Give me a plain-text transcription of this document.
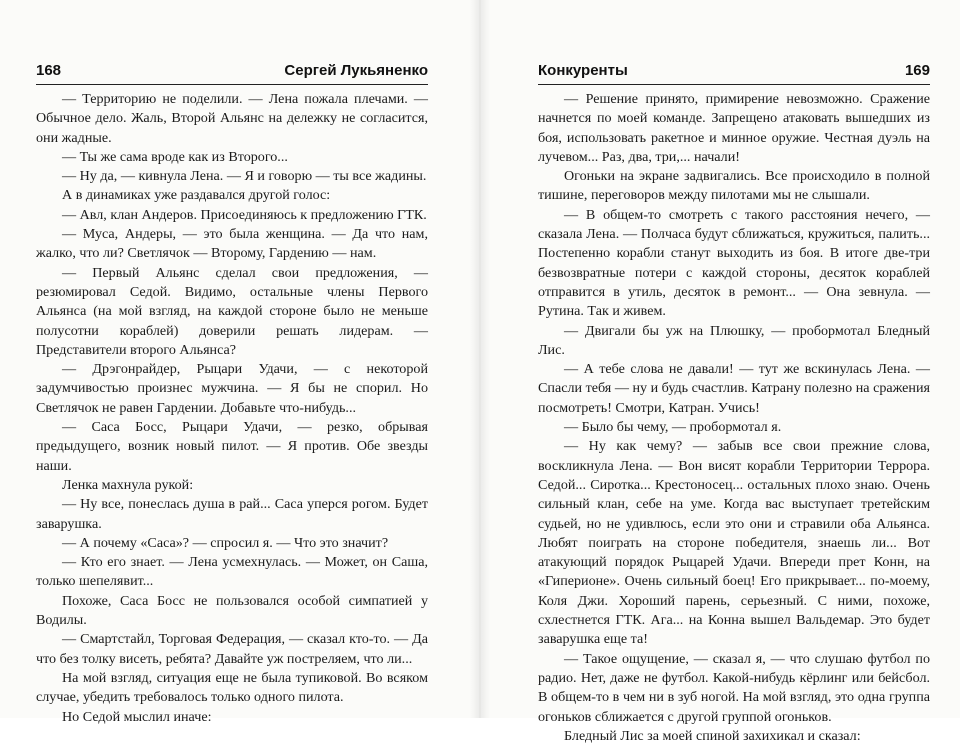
168	Сергей Лукьяненко

— Территорию не поделили. — Лена пожала плечами. — Обычное дело. Жаль, Второй Альянс на дележку не согласится, они жадные.

— Ты же сама вроде как из Второго...

— Ну да, — кивнула Лена. — Я и говорю — ты все жадины.

А в динамиках уже раздавался другой голос:

— Авл, клан Андеров. Присоединяюсь к предложению ГТК.

— Муса, Андеры, — это была женщина. — Да что нам, жалко, что ли? Светлячок — Второму, Гардению — нам.

— Первый Альянс сделал свои предложения, — резюмировал Седой. Видимо, остальные члены Первого Альянса (на мой взгляд, на каждой стороне было не меньше полусотни кораблей) доверили решать лидерам. — Представители второго Альянса?

— Дрэгонрайдер, Рыцари Удачи, — с некоторой задумчивостью произнес мужчина. — Я бы не спорил. Но Светлячок не равен Гардении. Добавьте что-нибудь...

— Саса Босс, Рыцари Удачи, — резко, обрывая предыдущего, возник новый пилот. — Я против. Обе звезды наши.

Ленка махнула рукой:

— Ну все, понеслась душа в рай... Саса уперся рогом. Будет заварушка.

— А почему «Саса»? — спросил я. — Что это значит?

— Кто его знает. — Лена усмехнулась. — Может, он Саша, только шепелявит...

Похоже, Саса Босс не пользовался особой симпатией у Водилы.

— Смартстайл, Торговая Федерация, — сказал кто-то. — Да что без толку висеть, ребята? Давайте уж постреляем, что ли...

На мой взгляд, ситуация еще не была тупиковой. Во всяком случае, убедить требовалось только одного пилота.

Но Седой мыслил иначе:

Конкуренты	169

— Решение принято, примирение невозможно. Сражение начнется по моей команде. Запрещено атаковать вышедших из боя, использовать ракетное и минное оружие. Честная дуэль на лучевом... Раз, два, три,... начали!

Огоньки на экране задвигались. Все происходило в полной тишине, переговоров между пилотами мы не слышали.

— В общем-то смотреть с такого расстояния нечего, — сказала Лена. — Полчаса будут сближаться, кружиться, палить... Постепенно корабли станут выходить из боя. В итоге две-три безвозвратные потери с каждой стороны, десяток кораблей отправится в утиль, десяток в ремонт... — Она зевнула. — Рутина. Так и живем.

— Двигали бы уж на Плюшку, — пробормотал Бледный Лис.

— А тебе слова не давали! — тут же вскинулась Лена. — Спасли тебя — ну и будь счастлив. Катрану полезно на сражения посмотреть! Смотри, Катран. Учись!

— Было бы чему, — пробормотал я.

— Ну как чему? — забыв все свои прежние слова, воскликнула Лена. — Вон висят корабли Территории Террора. Седой... Сиротка... Крестоносец... остальных плохо знаю. Очень сильный клан, себе на уме. Когда вас выступает третейским судьей, но не удивлюсь, если это они и стравили оба Альянса. Любят поиграть на стороне победителя, знаешь ли... Вот атакующий порядок Рыцарей Удачи. Впереди прет Конн, на «Гиперионе». Очень сильный боец! Его прикрывает... по-моему, Коля Джи. Хороший парень, серьезный. С ними, похоже, схлестнется ГТК. Ага... на Конна вышел Вальдемар. Это будет заварушка еще та!

— Такое ощущение, — сказал я, — что слушаю футбол по радио. Нет, даже не футбол. Какой-нибудь кёрлинг или бейсбол. В общем-то в чем ни в зуб ногой. На мой взгляд, это одна группа огоньков сближается с другой группой огоньков.

Бледный Лис за моей спиной захихикал и сказал:
